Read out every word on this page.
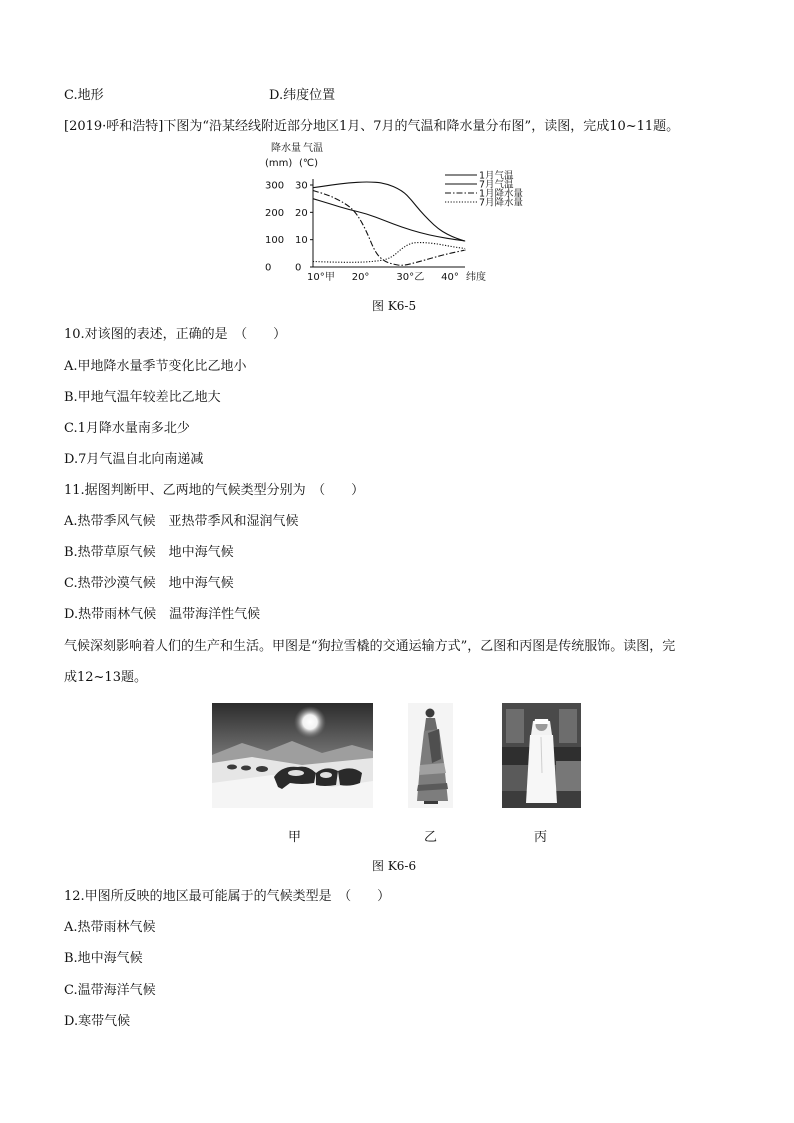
C.地形	D.纬度位置
[2019·呼和浩特]下图为“沿某经线附近部分地区1月、7月的气温和降水量分布图”，读图，完成10~11题。
降水量
(mm)
气温
(℃)
纬度
300
200
100
0
30
20
10
0
10° 甲 20°	30° 乙 40°
1月气温
7月气温
1月降水量
7月降水量
图 K6-5
10.对该图的表述，正确的是　（　　）
A.甲地降水量季节变化比乙地小
B.甲地气温年较差比乙地大
C.1月降水量南多北少
D.7月气温自北向南递减
11.据图判断甲、乙两地的气候类型分别为　（　　）
A.热带季风气候　亚热带季风和湿润气候
B.热带草原气候　地中海气候
C.热带沙漠气候　地中海气候
D.热带雨林气候　温带海洋性气候
气候深刻影响着人们的生产和生活。甲图是“狗拉雪橇的交通运输方式”，乙图和丙图是传统服饰。读图，完
成12~13题。
甲	乙	丙
图 K6-6
12.甲图所反映的地区最可能属于的气候类型是　（　　）
A.热带雨林气候
B.地中海气候
C.温带海洋气候
D.寒带气候
